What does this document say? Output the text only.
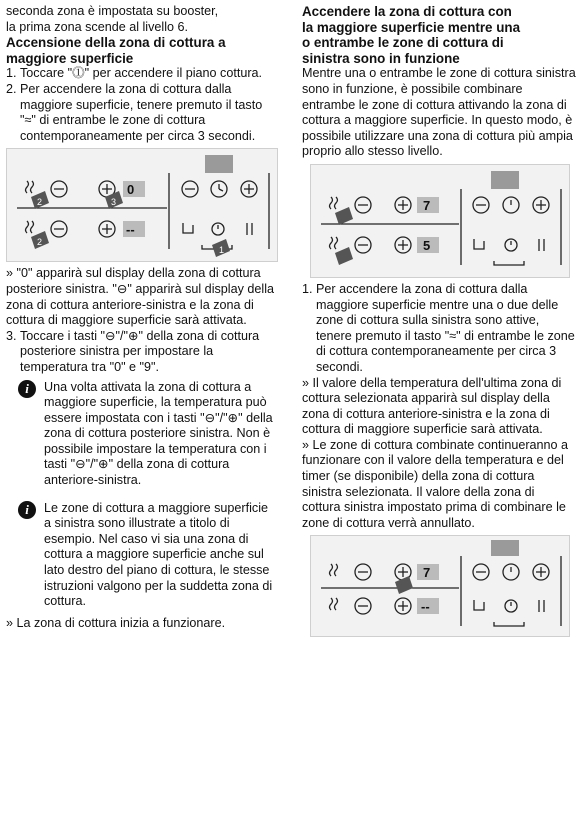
seconda zona è impostata su booster,

la prima zona scende al livello 6.

Accensione della zona di cottura a
maggiore superficie
1. Toccare "⓵" per accendere il piano cottura.
2. Per accendere la zona di cottura dalla maggiore superficie, tenere premuto il tasto "≈" di entrambe le zone di cottura contemporaneamente per circa 3 secondi.
0
--
2
2
3
1

» "0" apparirà sul display della zona di cottura posteriore sinistra. "⊖" apparirà sul display della zona di cottura anteriore-sinistra e la zona di cottura di maggiore superficie sarà attivata.

3. Toccare i tasti "⊖"/"⊕" della zona di cottura posteriore sinistra per impostare la temperatura tra "0" e "9".
i	Una volta attivata la zona di cottura a maggiore superficie, la temperatura può essere impostata con i tasti "⊖"/"⊕" della zona di cottura posteriore sinistra. Non è possibile impostare la temperatura con i tasti "⊖"/"⊕" della zona di cottura anteriore-sinistra.
i	Le zone di cottura a maggiore superficie a sinistra sono illustrate a titolo di esempio. Nel caso vi sia una zona di cottura a maggiore superficie anche sul lato destro del piano di cottura, le stesse istruzioni valgono per la suddetta zona di cottura.

» La zona di cottura inizia a funzionare.

Accendere la zona di cottura con
la maggiore superficie mentre una
o entrambe le zone di cottura di
sinistra sono in funzione

Mentre una o entrambe le zone di cottura sinistra sono in funzione, è possibile combinare entrambe le zone di cottura attivando la zona di cottura a maggiore superficie. In questo modo, è possibile utilizzare una zona di cottura più ampia proprio allo stesso livello.

7
5
1. Per accendere la zona di cottura dalla maggiore superficie mentre una o due delle zone di cottura sulla sinistra sono attive, tenere premuto il tasto "≈" di entrambe le zone di cottura contemporaneamente per circa 3 secondi.

» Il valore della temperatura dell'ultima zona di cottura selezionata apparirà sul display della zona di cottura anteriore-sinistra e la zona di cottura di maggiore superficie sarà attivata.

» Le zone di cottura combinate continueranno a funzionare con il valore della temperatura e del timer (se disponibile) della zona di cottura sinistra selezionata. Il valore della zona di cottura sinistra impostato prima di combinare le zone di cottura verrà annullato.

7
--
